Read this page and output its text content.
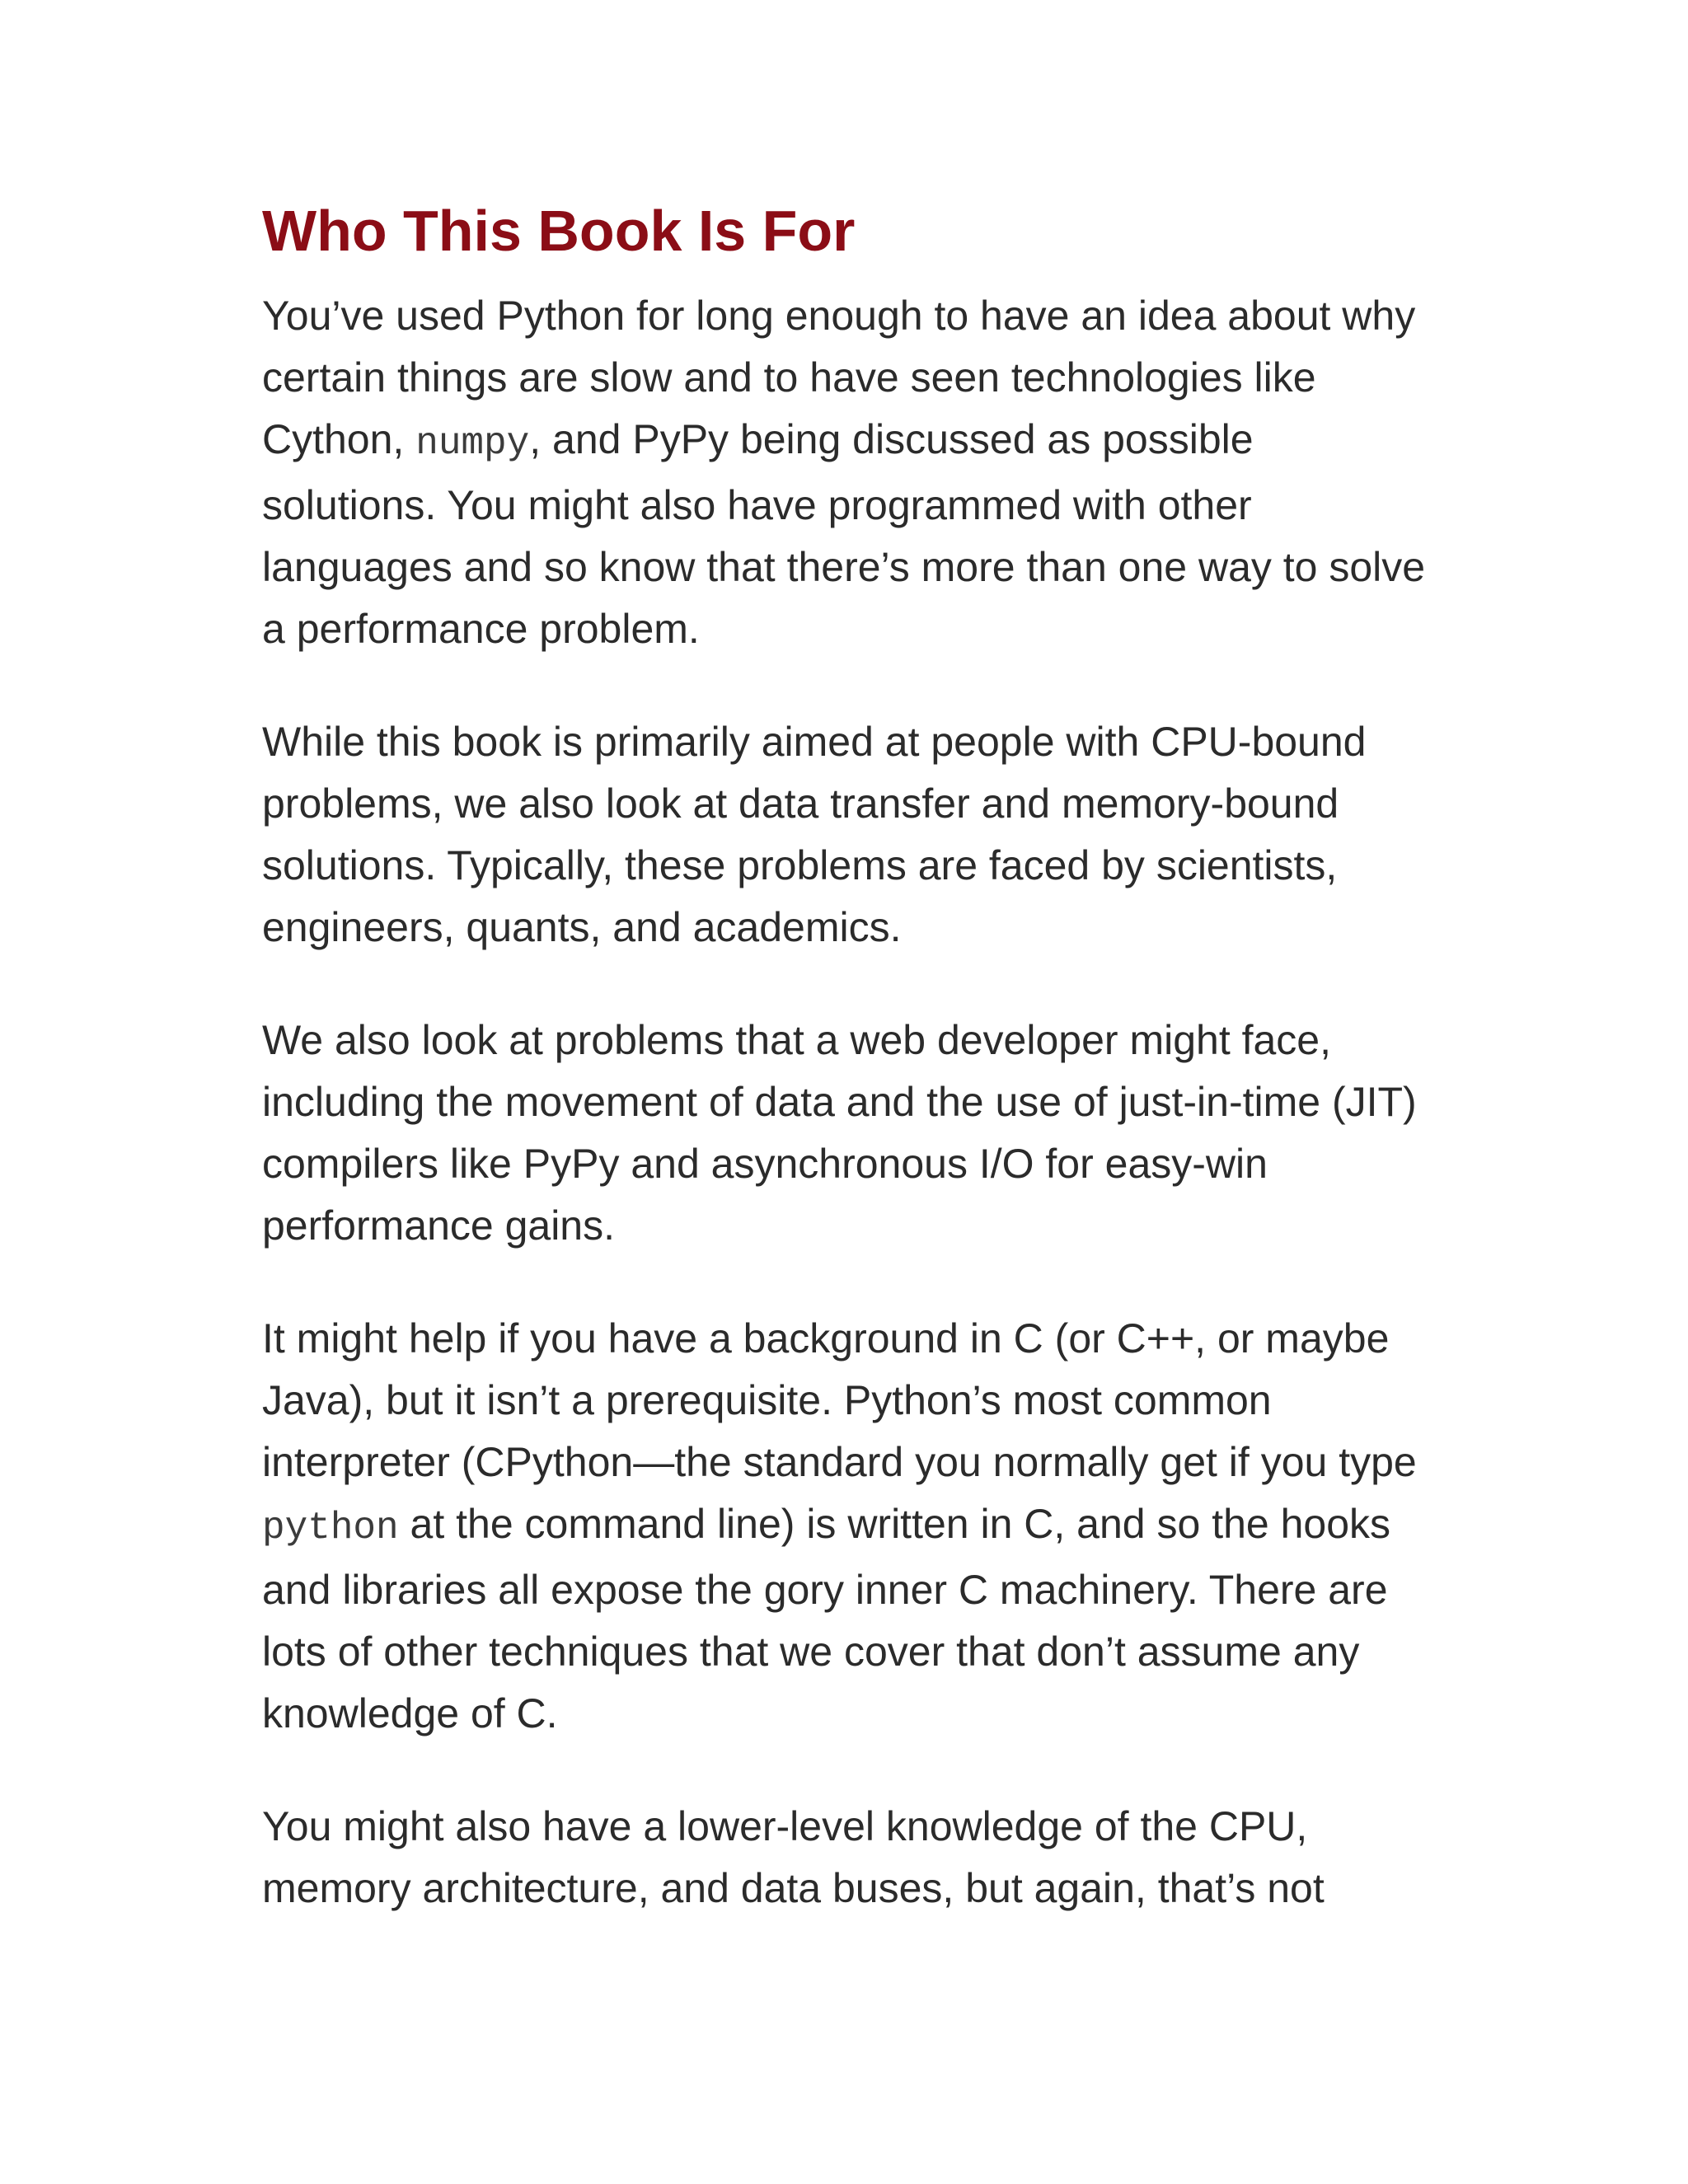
Who This Book Is For

You’ve used Python for long enough to have an idea about why certain things are slow and to have seen technologies like Cython, numpy, and PyPy being discussed as possible solutions. You might also have programmed with other languages and so know that there’s more than one way to solve a performance problem.

While this book is primarily aimed at people with CPU-bound problems, we also look at data transfer and memory-bound solutions. Typically, these problems are faced by scientists, engineers, quants, and academics.

We also look at problems that a web developer might face, including the movement of data and the use of just-in-time (JIT) compilers like PyPy and asynchronous I/O for easy-win performance gains.

It might help if you have a background in C (or C++, or maybe Java), but it isn’t a prerequisite. Python’s most common interpreter (CPython—the standard you normally get if you type python at the command line) is written in C, and so the hooks and libraries all expose the gory inner C machinery. There are lots of other techniques that we cover that don’t assume any knowledge of C.

You might also have a lower-level knowledge of the CPU, memory architecture, and data buses, but again, that’s not
